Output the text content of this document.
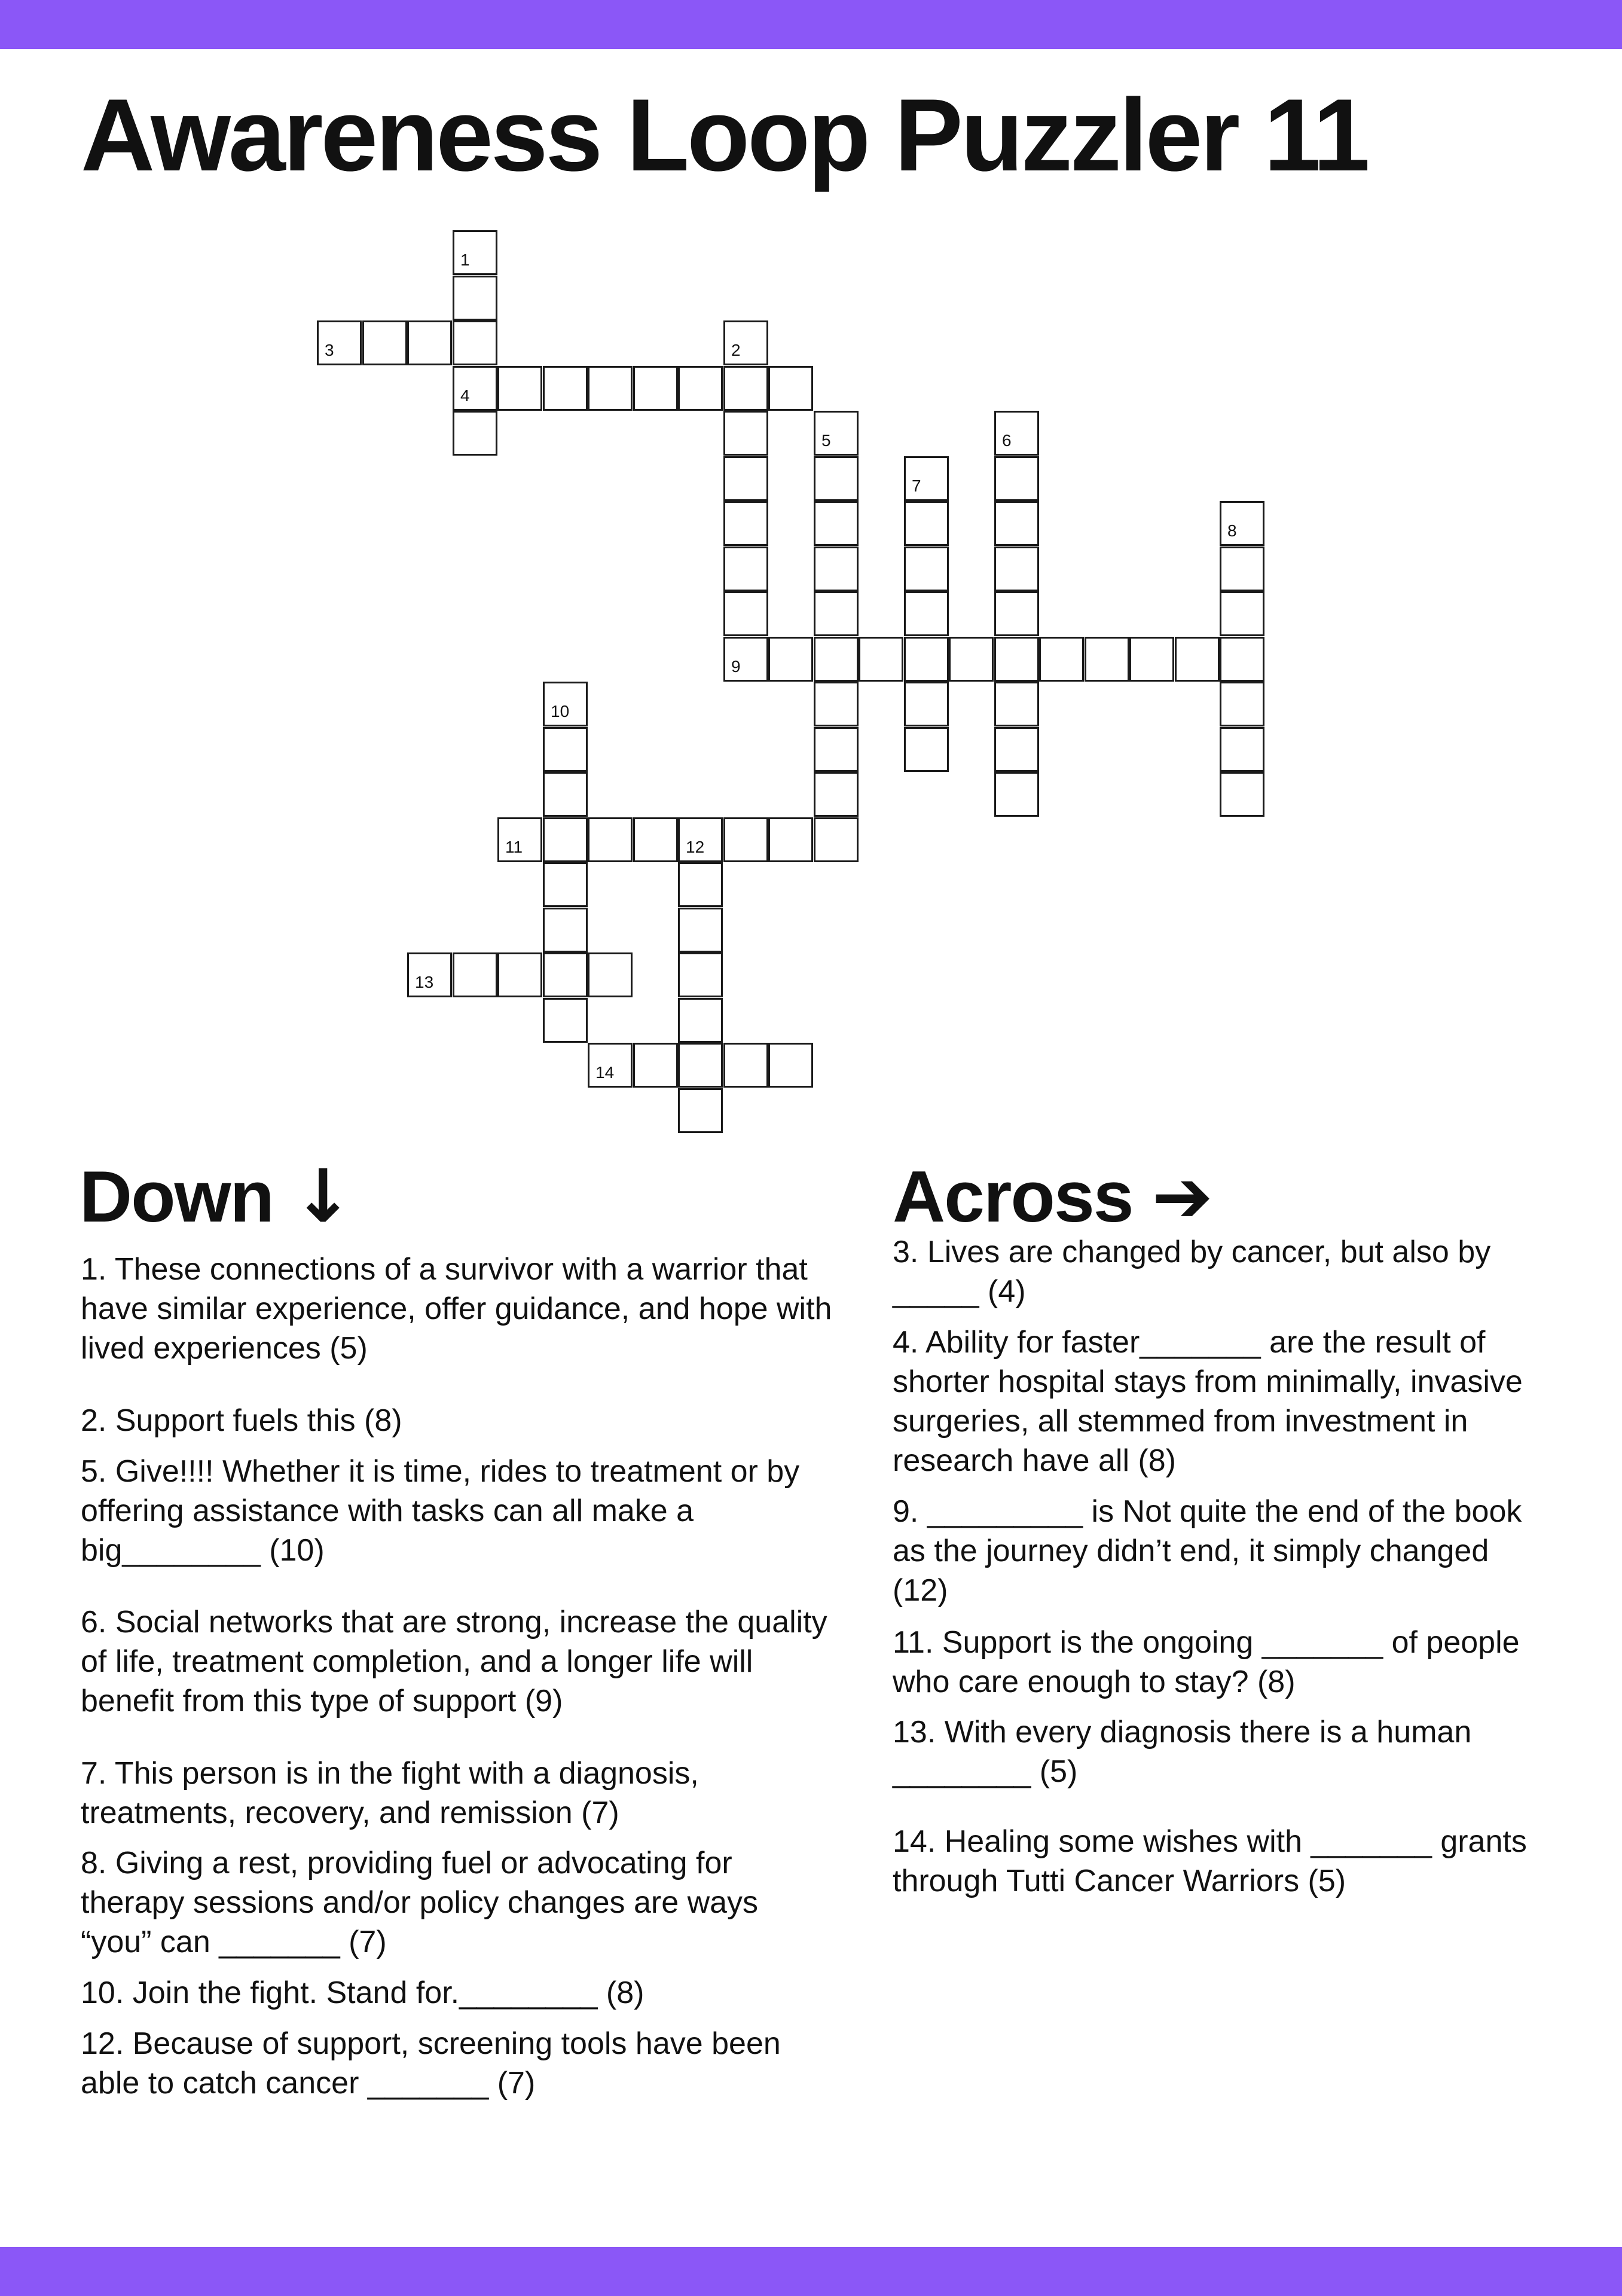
Awareness Loop Puzzler 11
1
4
2
9
3
5	6
7
8
10
11	12
13
14
Down ↓	Across ➔

1. These connections of a survivor with a warrior that have similar experience, offer guidance, and hope with lived experiences (5)

2. Support fuels this (8)

5. Give!!!! Whether it is time, rides to treatment or by offering assistance with tasks can all make a big________ (10)

6. Social networks that are strong, increase the quality of life, treatment completion, and a longer life will benefit from this type of support (9)

7. This person is in the fight with a diagnosis, treatments, recovery, and remission (7)

8. Giving a rest, providing fuel or advocating for therapy sessions and/or policy changes are ways “you” can _______ (7)

10. Join the fight. Stand for.________ (8)

12. Because of support, screening tools have been able to catch cancer _______ (7)

3. Lives are changed by cancer, but also by _____ (4)

4. Ability for faster_______ are the result of shorter hospital stays from minimally, invasive surgeries, all stemmed from investment in research have all (8)

9. _________ is Not quite the end of the book as the journey didn’t end, it simply changed (12)

11. Support is the ongoing _______ of people who care enough to stay? (8)

13. With every diagnosis there is a human ________ (5)

14. Healing some wishes with _______ grants through Tutti Cancer Warriors (5)
